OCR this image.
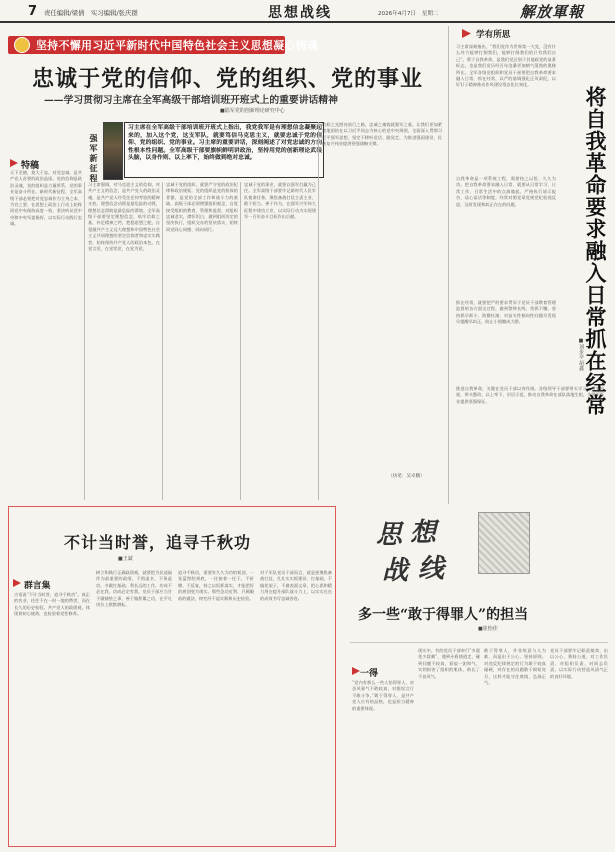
7 责任编辑/梁倩　实习编辑/张庆群	思想战线	2026年4月7日　星期二	解放軍報
坚持不懈用习近平新时代中国特色社会主义思想凝心铸魂
忠诚于党的信仰、党的组织、党的事业
——学习贯彻习主席在全军高级干部培训班开班式上的重要讲话精神
■陆军党的创新理论研究中心
强军新征程
习主席在全军高级干部培训班开班式上指出，我党我军是有理想信念凝聚起来的，加入这个党，这支军队，就要笃信马克思主义，就要忠诚于党的信仰、党的组织、党的事业。习主席的重要讲话，深刻阐述了对党忠诚的方向性根本性问题。全军高级干部要旗帜鲜明讲政治，坚持用党的创新理论武装头脑，以身作则、以上率下，始终做到绝对忠诚。
特稿
天下至德，莫大于忠。对党忠诚，是共产党人首要的政治品质。党的信仰是政治灵魂，党的组织是力量所系，党的事业是奋斗所在。新时代新征程，全军高级干部必须把对党忠诚作为立身之本、为官之要，在思想上政治上行动上始终同党中央保持高度一致，坚决听从党中央和中央军委指挥，以实际行动践行忠诚。
习主席强调，对马克思主义的信仰，对共产主义的信念，是共产党人的政治灵魂，是共产党人经受住任何考验的精神支柱。理想信念动摇是最危险的动摇，理想信念滑坡是最危险的滑坡。全军高级干部要坚定理想信念，筑牢信仰之基，补足精神之钙，把稳思想之舵，自觉做共产主义远大理想和中国特色社会主义共同理想的坚定信仰者和忠实实践者，始终保持共产党人的政治本色，在党言党、在党忧党、在党为党。
忠诚于党的组织，就要严守党的政治纪律和政治规矩。党的组织是党的肌体的骨骼，是党的全部工作和战斗力的基础。高级干部必须增强组织观念，自觉接受组织的教育、管理和监督，对组织忠诚老实，襟怀坦白，做到组织决定的坚决执行，组织交办的坚决落实，始终同党同心同德、同向同行。
忠诚于党的事业，就要以强军打赢为己任。全军高级干部要牢记新时代人民军队使命任务，聚焦备战打仗主责主业，敢于担当、善于作为，在强军兴军伟大征程中建功立业，以实际行动为实现建军一百年奋斗目标作出贡献。
信仰之光照亮前行之路，忠诚之魂铸就强军之基。让我们更加紧密地团结在以习近平同志为核心的党中央周围，全面深入贯彻习近平强军思想，坚定不移听党话、跟党走，为推进强国建设、民族复兴伟业提供坚强战略支撑。
（执笔：吴卓鹏）
学有所思
将自我革命要求融入日常抓在经常
■刘步亭 胡鑫
习主席深刻指出，“我们党作为世界第一大党，没有什么外力能够打倒我们，能够打倒我们的只有我们自己”。勇于自我革命，是我们党区别于其他政党的显著标志，也是我们党历经百年沧桑更加朝气蓬勃的奥秘所在。全军各级党组织和党员干部要把自我革命要求融入日常、抓在经常，以严的基调强化正风肃纪，以钉钉子精神推动作风建设常态化长效化。
自我革命是一项系统工程，需要持之以恒、久久为功。把自我革命要求融入日常，就要从日常学习、日常工作、日常生活中的点滴做起，严格执行请示报告、谈心谈话等制度，经常对照党章党规党纪检视反思，及时发现和纠正存在的问题。
抓在经常，就要把严的要求贯穿于党员干部教育管理监督的各方面全过程，做到警钟长鸣、常抓不懈。坚持抓早抓小、防微杜渐，对苗头性倾向性问题早发现早提醒早纠正，防止小错酿成大错。
推进自我革命，关键在党员干部以身作则。各级领导干部要带头学习、带头检视、带头整改，以上率下、层层示范，推动自我革命在部队落地生根，为强军事业提供坚强保证。
不计当时誉，追寻千秋功
■王斌
群言集
古语说“不计当时誉，追寻千秋功”。真正的功业，往往不在一时一地的赞誉，而在长久的历史检验。共产党人的政绩观，体现着初心使命，也检验着党性修养。
树立和践行正确政绩观，就要把为民造福作为最重要的政绩，不图虚名、不务虚功，多做打基础、利长远的工作，功成不必在我，功成必定有我。党员干部应当甘于做铺垫之事，善于做积累之功，在平凡岗位上默默耕耘。
追寻千秋功，需要有久久为功的韧劲。一张蓝图绘到底，一任接着一任干，不折腾、不反复，持之以恒抓落实，才能把好的规划变为现实。那些急功近利、只顾眼前的做法，终究经不起实践和历史检验。
对于军队党员干部而言，就是要聚焦备战打仗，扎扎实实抓建设、打基础，不搞花架子，不做表面文章，把心思和精力用在提升部队战斗力上，以实实在在的成效书写忠诚答卷。
思 想
战 线
多一些“敢于得罪人”的担当
■崔怡佳
一得
“党内有那么一些人怕得罪人，对歪风邪气不敢较真，对错误言行不敢斗争。”敢于得罪人，是共产党人应有的品格，也是担当精神的重要体现。
现实中，有的党员干部奉行“多栽花少栽刺”，遇到矛盾绕道走，碰到问题不较真，看似一团和气，实则损害了组织的肌体，助长了不良风气。
敢于得罪人，并非故意与人为难，而是出于公心、坚持原则。对违反纪律规定的行为敢于较真碰硬，对存在的问题敢于揭短亮丑，这样才能守住底线、弘扬正气。
党员干部要牢记职责使命，出以公心、秉持公道，对工作负责、对组织负责、对同志负责，以实际行动营造风清气正的良好环境。
